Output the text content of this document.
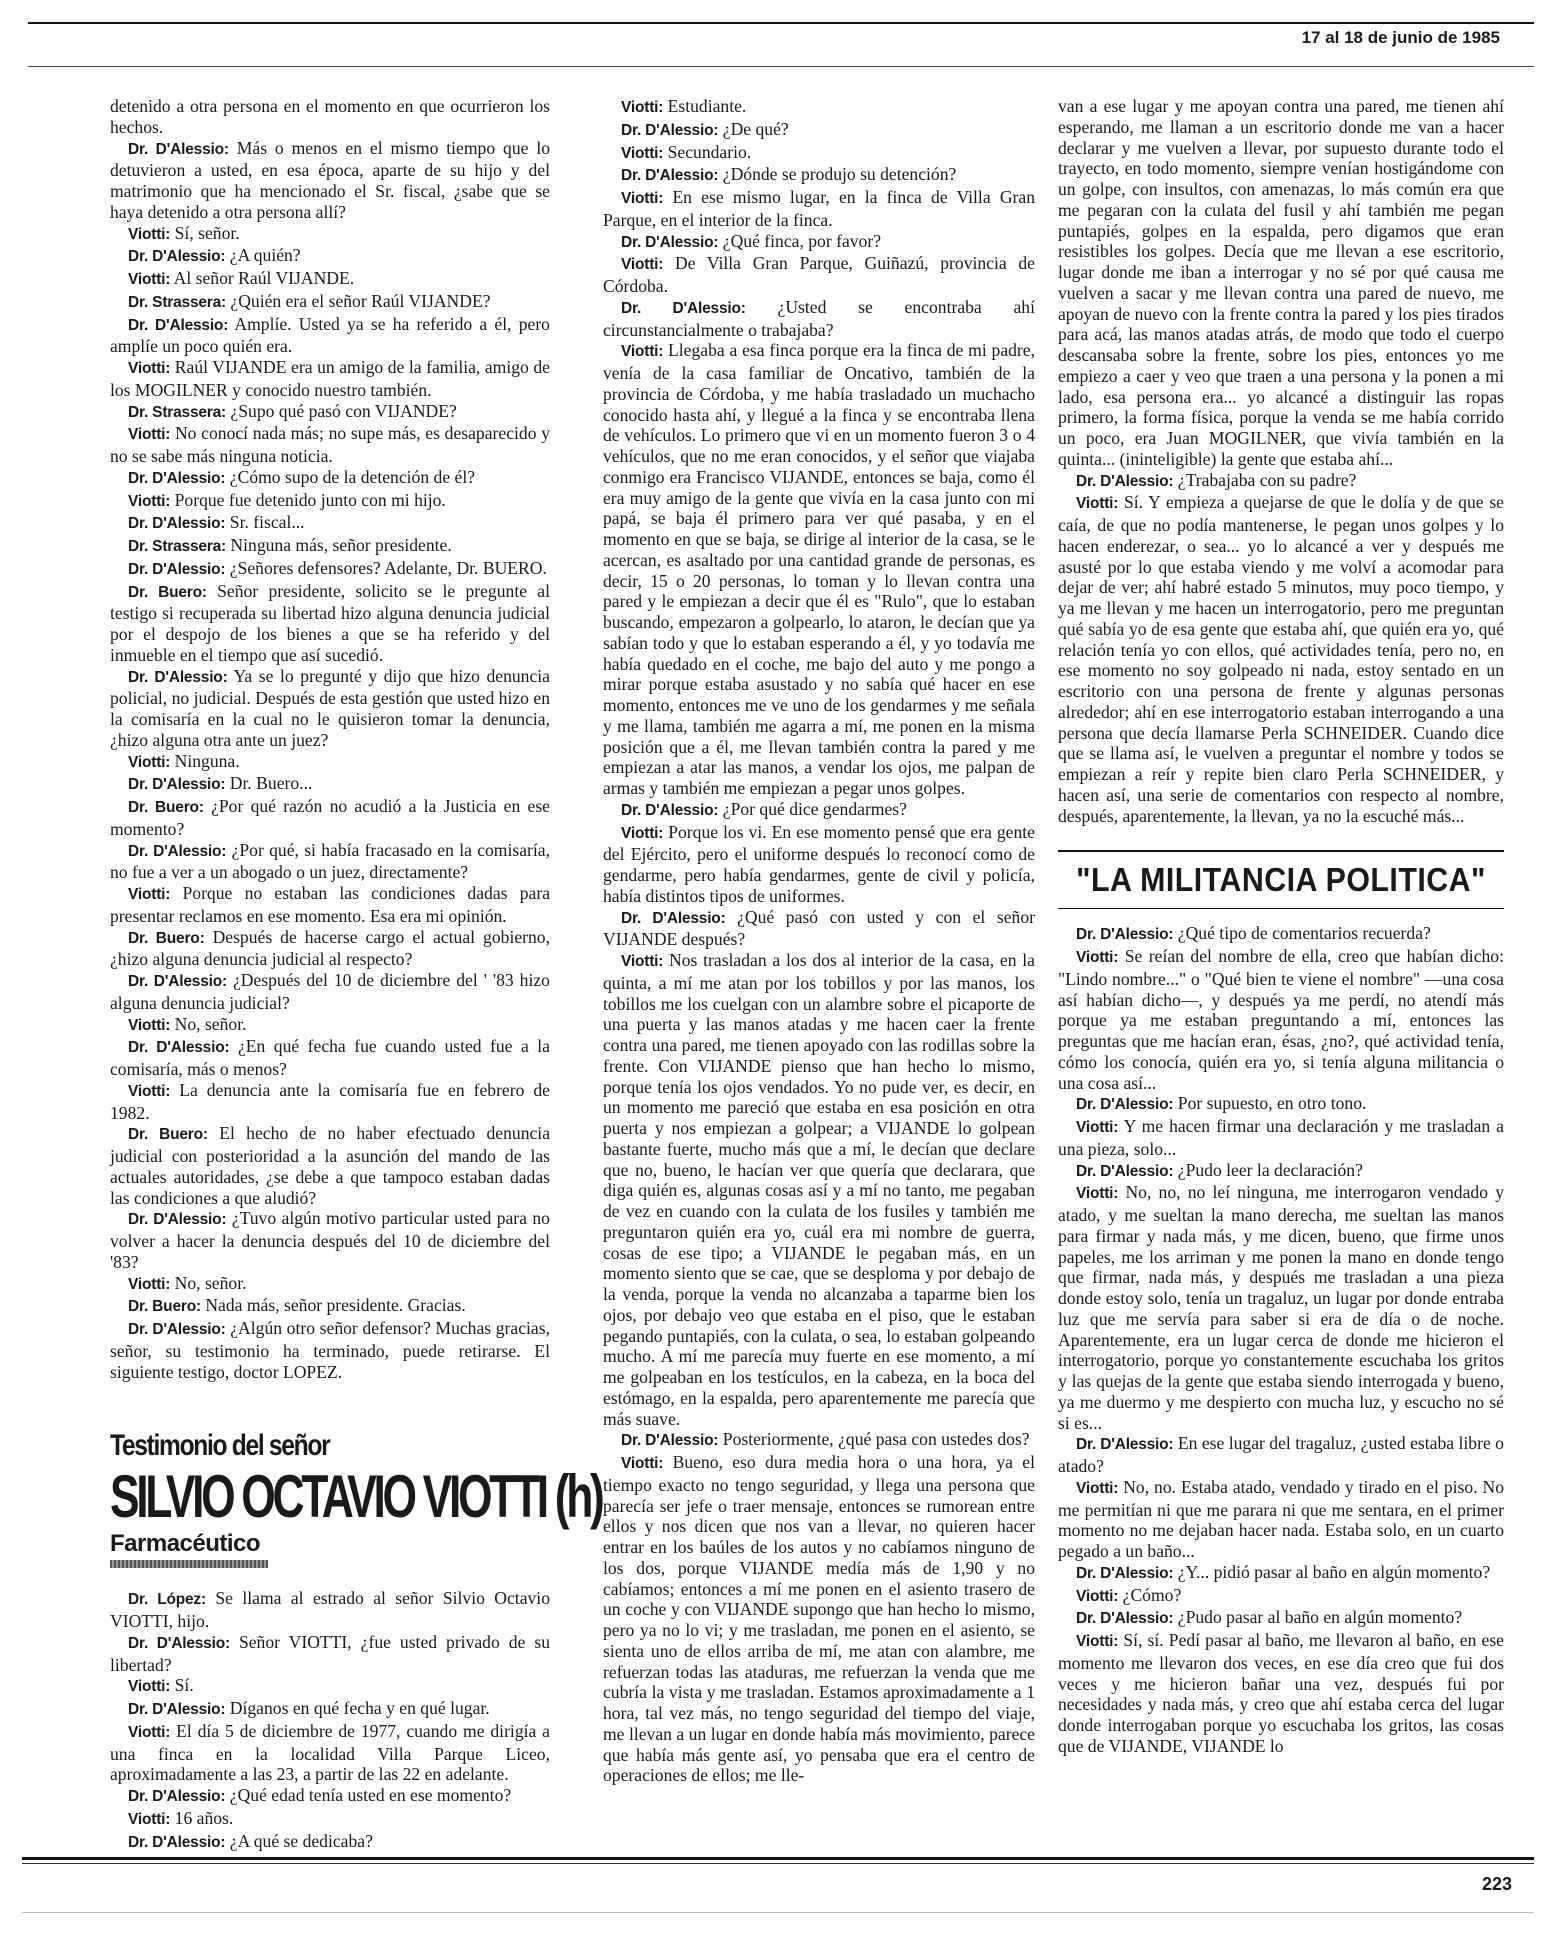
17 al 18 de junio de 1985

detenido a otra persona en el momento en que ocurrieron los hechos.

Dr. D'Alessio: Más o menos en el mismo tiempo que lo detuvieron a usted, en esa época, aparte de su hijo y del matrimonio que ha mencionado el Sr. fiscal, ¿sabe que se haya detenido a otra persona allí?

Viotti: Sí, señor.

Dr. D'Alessio: ¿A quién?

Viotti: Al señor Raúl VIJANDE.

Dr. Strassera: ¿Quién era el señor Raúl VIJANDE?

Dr. D'Alessio: Amplíe. Usted ya se ha referido a él, pero amplíe un poco quién era.

Viotti: Raúl VIJANDE era un amigo de la familia, amigo de los MOGILNER y conocido nuestro también.

Dr. Strassera: ¿Supo qué pasó con VIJANDE?

Viotti: No conocí nada más; no supe más, es desaparecido y no se sabe más ninguna noticia.

Dr. D'Alessio: ¿Cómo supo de la detención de él?

Viotti: Porque fue detenido junto con mi hijo.

Dr. D'Alessio: Sr. fiscal...

Dr. Strassera: Ninguna más, señor presidente.

Dr. D'Alessio: ¿Señores defensores? Adelante, Dr. BUERO.

Dr. Buero: Señor presidente, solicito se le pregunte al testigo si recuperada su libertad hizo alguna denuncia judicial por el despojo de los bienes a que se ha referido y del inmueble en el tiempo que así sucedió.

Dr. D'Alessio: Ya se lo pregunté y dijo que hizo denuncia policial, no judicial. Después de esta gestión que usted hizo en la comisaría en la cual no le quisieron tomar la denuncia, ¿hizo alguna otra ante un juez?

Viotti: Ninguna.

Dr. D'Alessio: Dr. Buero...

Dr. Buero: ¿Por qué razón no acudió a la Justicia en ese momento?

Dr. D'Alessio: ¿Por qué, si había fracasado en la comisaría, no fue a ver a un abogado o un juez, directamente?

Viotti: Porque no estaban las condiciones dadas para presentar reclamos en ese momento. Esa era mi opinión.

Dr. Buero: Después de hacerse cargo el actual gobierno, ¿hizo alguna denuncia judicial al respecto?

Dr. D'Alessio: ¿Después del 10 de diciembre del ' '83 hizo alguna denuncia judicial?

Viotti: No, señor.

Dr. D'Alessio: ¿En qué fecha fue cuando usted fue a la comisaría, más o menos?

Viotti: La denuncia ante la comisaría fue en febrero de 1982.

Dr. Buero: El hecho de no haber efectuado denuncia judicial con posterioridad a la asunción del mando de las actuales autoridades, ¿se debe a que tampoco estaban dadas las condiciones a que aludió?

Dr. D'Alessio: ¿Tuvo algún motivo particular usted para no volver a hacer la denuncia después del 10 de diciembre del '83?

Viotti: No, señor.

Dr. Buero: Nada más, señor presidente. Gracias.

Dr. D'Alessio: ¿Algún otro señor defensor? Muchas gracias, señor, su testimonio ha terminado, puede retirarse. El siguiente testigo, doctor LOPEZ.

Testimonio del señor
SILVIO OCTAVIO VIOTTI (h)
Farmacéutico

Dr. López: Se llama al estrado al señor Silvio Octavio VIOTTI, hijo.

Dr. D'Alessio: Señor VIOTTI, ¿fue usted privado de su libertad?

Viotti: Sí.

Dr. D'Alessio: Díganos en qué fecha y en qué lugar.

Viotti: El día 5 de diciembre de 1977, cuando me dirigía a una finca en la localidad Villa Parque Liceo, aproximadamente a las 23, a partir de las 22 en adelante.

Dr. D'Alessio: ¿Qué edad tenía usted en ese momento?

Viotti: 16 años.

Dr. D'Alessio: ¿A qué se dedicaba?

Viotti: Estudiante.

Dr. D'Alessio: ¿De qué?

Viotti: Secundario.

Dr. D'Alessio: ¿Dónde se produjo su detención?

Viotti: En ese mismo lugar, en la finca de Villa Gran Parque, en el interior de la finca.

Dr. D'Alessio: ¿Qué finca, por favor?

Viotti: De Villa Gran Parque, Guiñazú, provincia de Córdoba.

Dr. D'Alessio: ¿Usted se encontraba ahí circunstancialmente o trabajaba?

Viotti: Llegaba a esa finca porque era la finca de mi padre, venía de la casa familiar de Oncativo, también de la provincia de Córdoba, y me había trasladado un muchacho conocido hasta ahí, y llegué a la finca y se encontraba llena de vehículos. Lo primero que vi en un momento fueron 3 o 4 vehículos, que no me eran conocidos, y el señor que viajaba conmigo era Francisco VIJANDE, entonces se baja, como él era muy amigo de la gente que vivía en la casa junto con mi papá, se baja él primero para ver qué pasaba, y en el momento en que se baja, se dirige al interior de la casa, se le acercan, es asaltado por una cantidad grande de personas, es decir, 15 o 20 personas, lo toman y lo llevan contra una pared y le empiezan a decir que él es "Rulo", que lo estaban buscando, empezaron a golpearlo, lo ataron, le decían que ya sabían todo y que lo estaban esperando a él, y yo todavía me había quedado en el coche, me bajo del auto y me pongo a mirar porque estaba asustado y no sabía qué hacer en ese momento, entonces me ve uno de los gendarmes y me señala y me llama, también me agarra a mí, me ponen en la misma posición que a él, me llevan también contra la pared y me empiezan a atar las manos, a vendar los ojos, me palpan de armas y también me empiezan a pegar unos golpes.

Dr. D'Alessio: ¿Por qué dice gendarmes?

Viotti: Porque los vi. En ese momento pensé que era gente del Ejército, pero el uniforme después lo reconocí como de gendarme, pero había gendarmes, gente de civil y policía, había distintos tipos de uniformes.

Dr. D'Alessio: ¿Qué pasó con usted y con el señor VIJANDE después?

Viotti: Nos trasladan a los dos al interior de la casa, en la quinta, a mí me atan por los tobillos y por las manos, los tobillos me los cuelgan con un alambre sobre el picaporte de una puerta y las manos atadas y me hacen caer la frente contra una pared, me tienen apoyado con las rodillas sobre la frente. Con VIJANDE pienso que han hecho lo mismo, porque tenía los ojos vendados. Yo no pude ver, es decir, en un momento me pareció que estaba en esa posición en otra puerta y nos empiezan a golpear; a VIJANDE lo golpean bastante fuerte, mucho más que a mí, le decían que declare que no, bueno, le hacían ver que quería que declarara, que diga quién es, algunas cosas así y a mí no tanto, me pegaban de vez en cuando con la culata de los fusiles y también me preguntaron quién era yo, cuál era mi nombre de guerra, cosas de ese tipo; a VIJANDE le pegaban más, en un momento siento que se cae, que se desploma y por debajo de la venda, porque la venda no alcanzaba a taparme bien los ojos, por debajo veo que estaba en el piso, que le estaban pegando puntapiés, con la culata, o sea, lo estaban golpeando mucho. A mí me parecía muy fuerte en ese momento, a mí me golpeaban en los testículos, en la cabeza, en la boca del estómago, en la espalda, pero aparentemente me parecía que más suave.

Dr. D'Alessio: Posteriormente, ¿qué pasa con ustedes dos?

Viotti: Bueno, eso dura media hora o una hora, ya el tiempo exacto no tengo seguridad, y llega una persona que parecía ser jefe o traer mensaje, entonces se rumorean entre ellos y nos dicen que nos van a llevar, no quieren hacer entrar en los baúles de los autos y no cabíamos ninguno de los dos, porque VIJANDE medía más de 1,90 y no cabíamos; entonces a mí me ponen en el asiento trasero de un coche y con VIJANDE supongo que han hecho lo mismo, pero ya no lo vi; y me trasladan, me ponen en el asiento, se sienta uno de ellos arriba de mí, me atan con alambre, me refuerzan todas las ataduras, me refuerzan la venda que me cubría la vista y me trasladan. Estamos aproximadamente a 1 hora, tal vez más, no tengo seguridad del tiempo del viaje, me llevan a un lugar en donde había más movimiento, parece que había más gente así, yo pensaba que era el centro de operaciones de ellos; me lle-

van a ese lugar y me apoyan contra una pared, me tienen ahí esperando, me llaman a un escritorio donde me van a hacer declarar y me vuelven a llevar, por supuesto durante todo el trayecto, en todo momento, siempre venían hostigándome con un golpe, con insultos, con amenazas, lo más común era que me pegaran con la culata del fusil y ahí también me pegan puntapiés, golpes en la espalda, pero digamos que eran resistibles los golpes. Decía que me llevan a ese escritorio, lugar donde me iban a interrogar y no sé por qué causa me vuelven a sacar y me llevan contra una pared de nuevo, me apoyan de nuevo con la frente contra la pared y los pies tirados para acá, las manos atadas atrás, de modo que todo el cuerpo descansaba sobre la frente, sobre los pies, entonces yo me empiezo a caer y veo que traen a una persona y la ponen a mi lado, esa persona era... yo alcancé a distinguir las ropas primero, la forma física, porque la venda se me había corrido un poco, era Juan MOGILNER, que vivía también en la quinta... (ininteligible) la gente que estaba ahí...

Dr. D'Alessio: ¿Trabajaba con su padre?

Viotti: Sí. Y empieza a quejarse de que le dolía y de que se caía, de que no podía mantenerse, le pegan unos golpes y lo hacen enderezar, o sea... yo lo alcancé a ver y después me asusté por lo que estaba viendo y me volví a acomodar para dejar de ver; ahí habré estado 5 minutos, muy poco tiempo, y ya me llevan y me hacen un interrogatorio, pero me preguntan qué sabía yo de esa gente que estaba ahí, que quién era yo, qué relación tenía yo con ellos, qué actividades tenía, pero no, en ese momento no soy golpeado ni nada, estoy sentado en un escritorio con una persona de frente y algunas personas alrededor; ahí en ese interrogatorio estaban interrogando a una persona que decía llamarse Perla SCHNEIDER. Cuando dice que se llama así, le vuelven a preguntar el nombre y todos se empiezan a reír y repite bien claro Perla SCHNEIDER, y hacen así, una serie de comentarios con respecto al nombre, después, aparentemente, la llevan, ya no la escuché más...

"LA MILITANCIA POLITICA"

Dr. D'Alessio: ¿Qué tipo de comentarios recuerda?

Viotti: Se reían del nombre de ella, creo que habían dicho: "Lindo nombre..." o "Qué bien te viene el nombre" —una cosa así habían dicho—, y después ya me perdí, no atendí más porque ya me estaban preguntando a mí, entonces las preguntas que me hacían eran, ésas, ¿no?, qué actividad tenía, cómo los conocía, quién era yo, si tenía alguna militancia o una cosa así...

Dr. D'Alessio: Por supuesto, en otro tono.

Viotti: Y me hacen firmar una declaración y me trasladan a una pieza, solo...

Dr. D'Alessio: ¿Pudo leer la declaración?

Viotti: No, no, no leí ninguna, me interrogaron vendado y atado, y me sueltan la mano derecha, me sueltan las manos para firmar y nada más, y me dicen, bueno, que firme unos papeles, me los arriman y me ponen la mano en donde tengo que firmar, nada más, y después me trasladan a una pieza donde estoy solo, tenía un tragaluz, un lugar por donde entraba luz que me servía para saber si era de día o de noche. Aparentemente, era un lugar cerca de donde me hicieron el interrogatorio, porque yo constantemente escuchaba los gritos y las quejas de la gente que estaba siendo interrogada y bueno, ya me duermo y me despierto con mucha luz, y escucho no sé si es...

Dr. D'Alessio: En ese lugar del tragaluz, ¿usted estaba libre o atado?

Viotti: No, no. Estaba atado, vendado y tirado en el piso. No me permitían ni que me parara ni que me sentara, en el primer momento no me dejaban hacer nada. Estaba solo, en un cuarto pegado a un baño...

Dr. D'Alessio: ¿Y... pidió pasar al baño en algún momento?

Viotti: ¿Cómo?

Dr. D'Alessio: ¿Pudo pasar al baño en algún momento?

Viotti: Sí, sí. Pedí pasar al baño, me llevaron al baño, en ese momento me llevaron dos veces, en ese día creo que fui dos veces y me hicieron bañar una vez, después fui por necesidades y nada más, y creo que ahí estaba cerca del lugar donde interrogaban porque yo escuchaba los gritos, las cosas que de VIJANDE, VIJANDE lo

223
